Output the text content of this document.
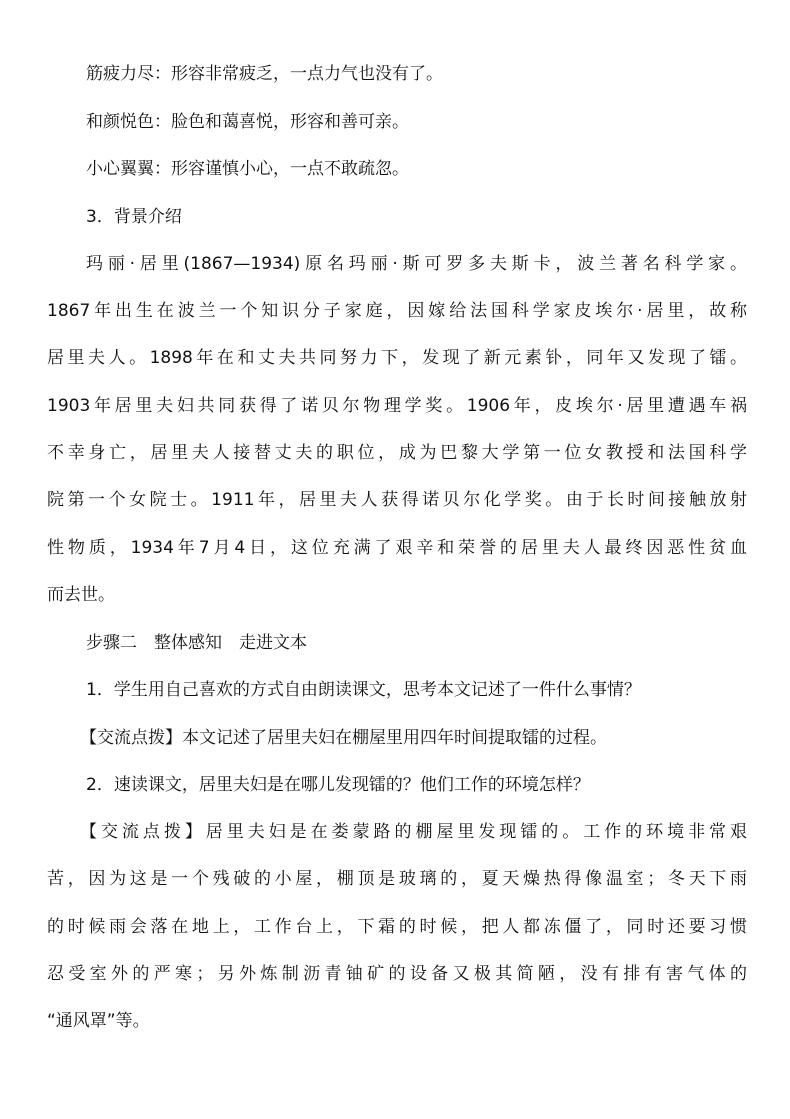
筋疲力尽：形容非常疲乏，一点力气也没有了。

和颜悦色：脸色和蔼喜悦，形容和善可亲。

小心翼翼：形容谨慎小心，一点不敢疏忽。

3．背景介绍

玛丽·居里(1867—1934)原名玛丽·斯可罗多夫斯卡，波兰著名科学家。
1867年出生在波兰一个知识分子家庭，因嫁给法国科学家皮埃尔·居里，故称
居里夫人。1898年在和丈夫共同努力下，发现了新元素钋，同年又发现了镭。
1903年居里夫妇共同获得了诺贝尔物理学奖。1906年，皮埃尔·居里遭遇车祸
不幸身亡，居里夫人接替丈夫的职位，成为巴黎大学第一位女教授和法国科学
院第一个女院士。1911年，居里夫人获得诺贝尔化学奖。由于长时间接触放射
性物质，1934年7月4日，这位充满了艰辛和荣誉的居里夫人最终因恶性贫血
而去世。

步骤二　整体感知　走进文本

1．学生用自己喜欢的方式自由朗读课文，思考本文记述了一件什么事情？

【交流点拨】本文记述了居里夫妇在棚屋里用四年时间提取镭的过程。

2．速读课文，居里夫妇是在哪儿发现镭的？他们工作的环境怎样？

【交流点拨】居里夫妇是在娄蒙路的棚屋里发现镭的。工作的环境非常艰
苦，因为这是一个残破的小屋，棚顶是玻璃的，夏天燥热得像温室；冬天下雨
的时候雨会落在地上，工作台上，下霜的时候，把人都冻僵了，同时还要习惯
忍受室外的严寒；另外炼制沥青铀矿的设备又极其简陋，没有排有害气体的
“通风罩”等。
